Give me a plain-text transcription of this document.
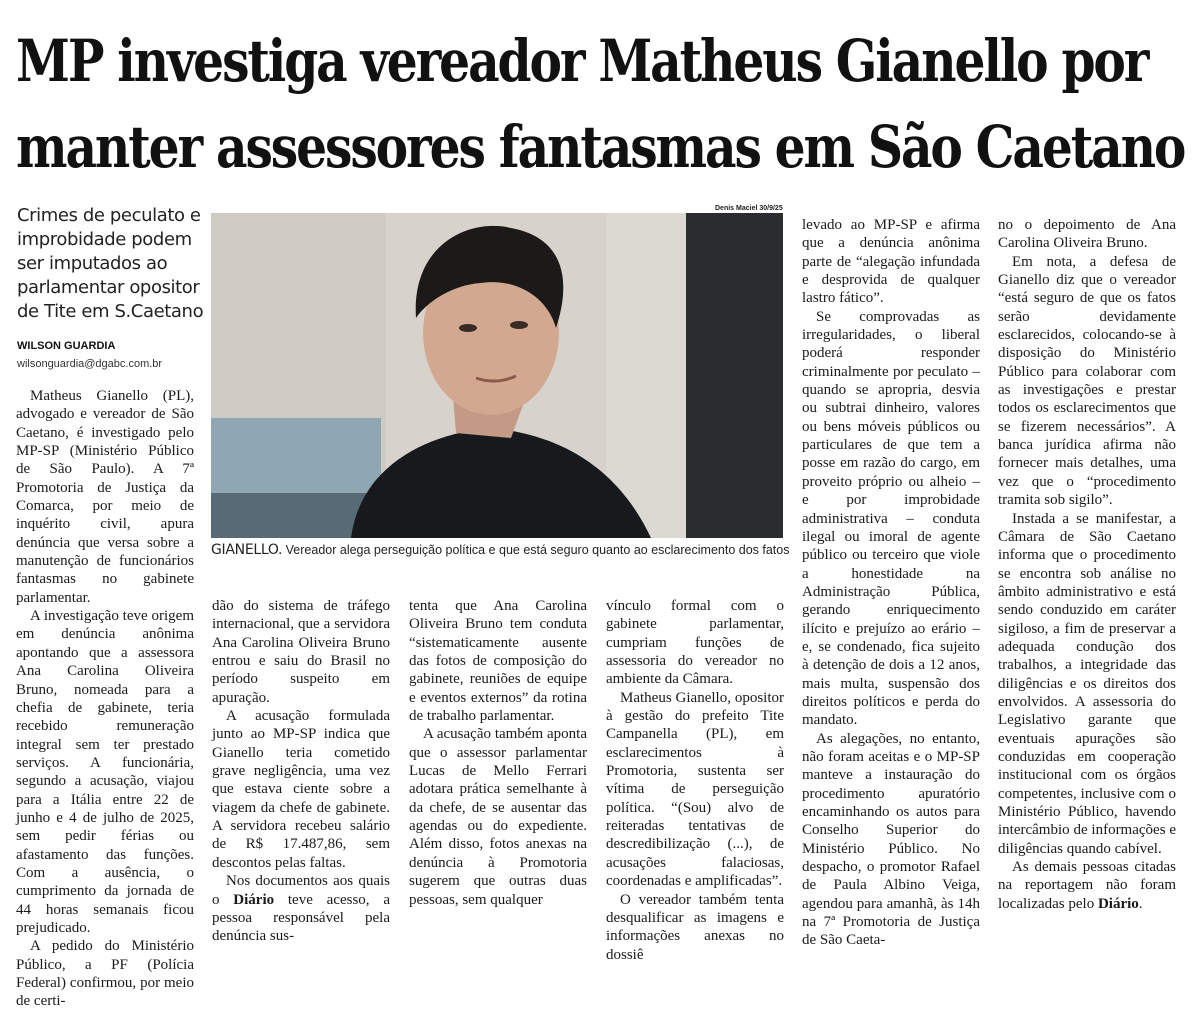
MP investiga vereador Matheus Gianello por
manter assessores fantasmas em São Caetano
Crimes de peculato e
improbidade podem
ser imputados ao
parlamentar opositor
de Tite em S.Caetano
WILSON GUARDIA
wilsonguardia@dgabc.com.br
Denis Maciel 30/9/25
GIANELLO. Vereador alega perseguição política e que está seguro quanto ao esclarecimento dos fatos

Matheus Gianello (PL), advogado e vereador de São Caetano, é investigado pelo MP-SP (Ministério Público de São Paulo). A 7ª Promotoria de Justiça da Comarca, por meio de inquérito civil, apura denúncia que versa sobre a manutenção de funcionários fantasmas no gabinete parlamentar.

A investigação teve origem em denúncia anônima apontando que a assessora Ana Carolina Oliveira Bruno, nomeada para a chefia de gabinete, teria recebido remuneração integral sem ter prestado serviços. A funcionária, segundo a acusação, viajou para a Itália entre 22 de junho e 4 de julho de 2025, sem pedir férias ou afastamento das funções. Com a ausência, o cumprimento da jornada de 44 horas semanais ficou prejudicado.

A pedido do Ministério Público, a PF (Polícia Federal) confirmou, por meio de certi-

dão do sistema de tráfego internacional, que a servidora Ana Carolina Oliveira Bruno entrou e saiu do Brasil no período suspeito em apuração.

A acusação formulada junto ao MP-SP indica que Gianello teria cometido grave negligência, uma vez que estava ciente sobre a viagem da chefe de gabinete. A servidora recebeu salário de R$ 17.487,86, sem descontos pelas faltas.

Nos documentos aos quais o Diário teve acesso, a pessoa responsável pela denúncia sus-

tenta que Ana Carolina Oliveira Bruno tem conduta “sistematicamente ausente das fotos de composição do gabinete, reuniões de equipe e eventos externos” da rotina de trabalho parlamentar.

A acusação também aponta que o assessor parlamentar Lucas de Mello Ferrari adotara prática semelhante à da chefe, de se ausentar das agendas ou do expediente. Além disso, fotos anexas na denúncia à Promotoria sugerem que outras duas pessoas, sem qualquer

vínculo formal com o gabinete parlamentar, cumpriam funções de assessoria do vereador no ambiente da Câmara.

Matheus Gianello, opositor à gestão do prefeito Tite Campanella (PL), em esclarecimentos à Promotoria, sustenta ser vítima de perseguição política. “(Sou) alvo de reiteradas tentativas de descredibilização (...), de acusações falaciosas, coordenadas e amplificadas”.

O vereador também tenta desqualificar as imagens e informações anexas no dossiê

levado ao MP-SP e afirma que a denúncia anônima parte de “alegação infundada e desprovida de qualquer lastro fático”.

Se comprovadas as irregularidades, o liberal poderá responder criminalmente por peculato – quando se apropria, desvia ou subtrai dinheiro, valores ou bens móveis públicos ou particulares de que tem a posse em razão do cargo, em proveito próprio ou alheio – e por improbidade administrativa – conduta ilegal ou imoral de agente público ou terceiro que viole a honestidade na Administração Pública, gerando enriquecimento ilícito e prejuízo ao erário – e, se condenado, fica sujeito à detenção de dois a 12 anos, mais multa, suspensão dos direitos políticos e perda do mandato.

As alegações, no entanto, não foram aceitas e o MP-SP manteve a instauração do procedimento apuratório encaminhando os autos para Conselho Superior do Ministério Público. No despacho, o promotor Rafael de Paula Albino Veiga, agendou para amanhã, às 14h na 7ª Promotoria de Justiça de São Caeta-

no o depoimento de Ana Carolina Oliveira Bruno.

Em nota, a defesa de Gianello diz que o vereador “está seguro de que os fatos serão devidamente esclarecidos, colocando-se à disposição do Ministério Público para colaborar com as investigações e prestar todos os esclarecimentos que se fizerem necessários”. A banca jurídica afirma não fornecer mais detalhes, uma vez que o “procedimento tramita sob sigilo”.

Instada a se manifestar, a Câmara de São Caetano informa que o procedimento se encontra sob análise no âmbito administrativo e está sendo conduzido em caráter sigiloso, a fim de preservar a adequada condução dos trabalhos, a integridade das diligências e os direitos dos envolvidos. A assessoria do Legislativo garante que eventuais apurações são conduzidas em cooperação institucional com os órgãos competentes, inclusive com o Ministério Público, havendo intercâmbio de informações e diligências quando cabível.

As demais pessoas citadas na reportagem não foram localizadas pelo Diário.
